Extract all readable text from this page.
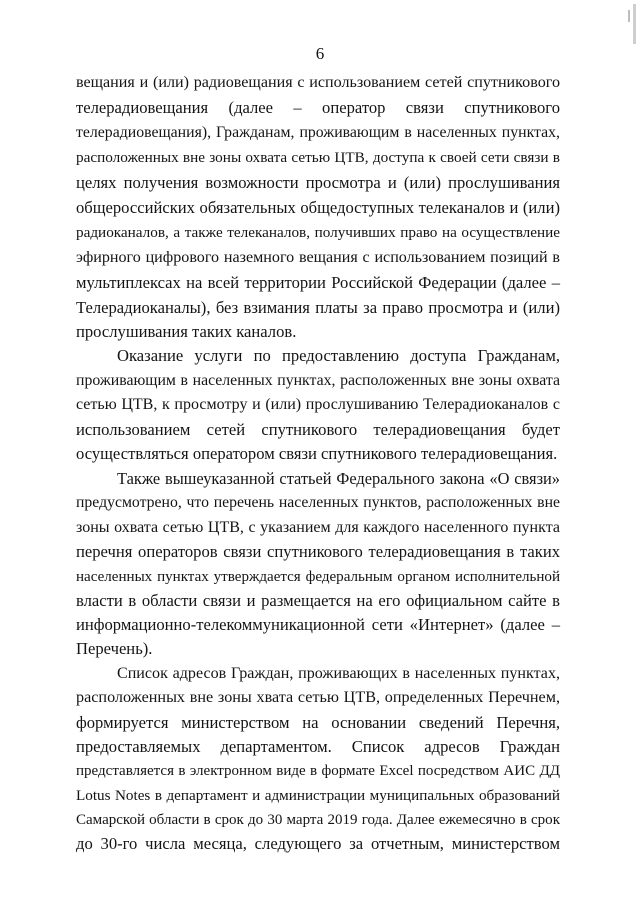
6
вещания и (или) радиовещания с использованием сетей спутникового
телерадиовещания (далее – оператор связи спутникового
телерадиовещания), Гражданам, проживающим в населенных пунктах,
расположенных вне зоны охвата сетью ЦТВ, доступа к своей сети связи в
целях получения возможности просмотра и (или) прослушивания
общероссийских обязательных общедоступных телеканалов и (или)
радиоканалов, а также телеканалов, получивших право на осуществление
эфирного цифрового наземного вещания с использованием позиций в
мультиплексах на всей территории Российской Федерации (далее –
Телерадиоканалы), без взимания платы за право просмотра и (или)
прослушивания таких каналов.
Оказание услуги по предоставлению доступа Гражданам,
проживающим в населенных пунктах, расположенных вне зоны охвата
сетью ЦТВ, к просмотру и (или) прослушиванию Телерадиоканалов с
использованием сетей спутникового телерадиовещания будет
осуществляться оператором связи спутникового телерадиовещания.
Также вышеуказанной статьей Федерального закона «О связи»
предусмотрено, что перечень населенных пунктов, расположенных вне
зоны охвата сетью ЦТВ, с указанием для каждого населенного пункта
перечня операторов связи спутникового телерадиовещания в таких
населенных пунктах утверждается федеральным органом исполнительной
власти в области связи и размещается на его официальном сайте в
информационно-телекоммуникационной сети «Интернет» (далее –
Перечень).
Список адресов Граждан, проживающих в населенных пунктах,
расположенных вне зоны хвата сетью ЦТВ, определенных Перечнем,
формируется министерством на основании сведений Перечня,
предоставляемых департаментом. Список адресов Граждан
представляется в электронном виде в формате Excel посредством АИС ДД
Lotus Notes в департамент и администрации муниципальных образований
Самарской области в срок до 30 марта 2019 года. Далее ежемесячно в срок
до 30-го числа месяца, следующего за отчетным, министерством
